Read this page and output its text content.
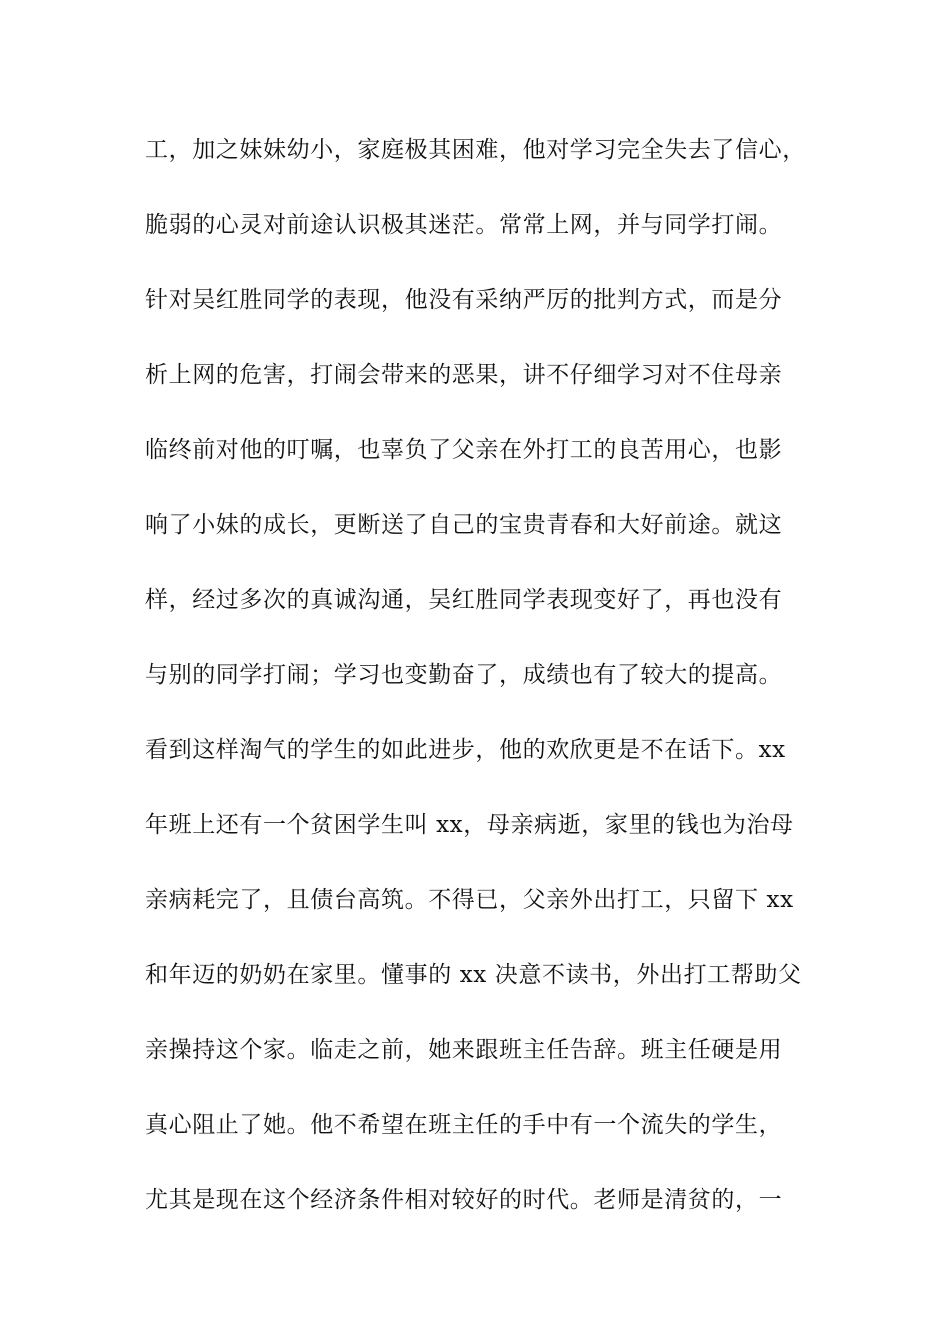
工，加之妹妹幼小，家庭极其困难，他对学习完全失去了信心，
脆弱的心灵对前途认识极其迷茫。常常上网，并与同学打闹。
针对吴红胜同学的表现，他没有采纳严厉的批判方式，而是分
析上网的危害，打闹会带来的恶果，讲不仔细学习对不住母亲
临终前对他的叮嘱，也辜负了父亲在外打工的良苦用心，也影
响了小妹的成长，更断送了自己的宝贵青春和大好前途。就这
样，经过多次的真诚沟通，吴红胜同学表现变好了，再也没有
与别的同学打闹；学习也变勤奋了，成绩也有了较大的提高。
看到这样淘气的学生的如此进步，他的欢欣更是不在话下。xx
年班上还有一个贫困学生叫 xx，母亲病逝，家里的钱也为治母
亲病耗完了，且债台高筑。不得已，父亲外出打工，只留下 xx
和年迈的奶奶在家里。懂事的 xx 决意不读书，外出打工帮助父
亲操持这个家。临走之前，她来跟班主任告辞。班主任硬是用
真心阻止了她。他不希望在班主任的手中有一个流失的学生，
尤其是现在这个经济条件相对较好的时代。老师是清贫的，一
